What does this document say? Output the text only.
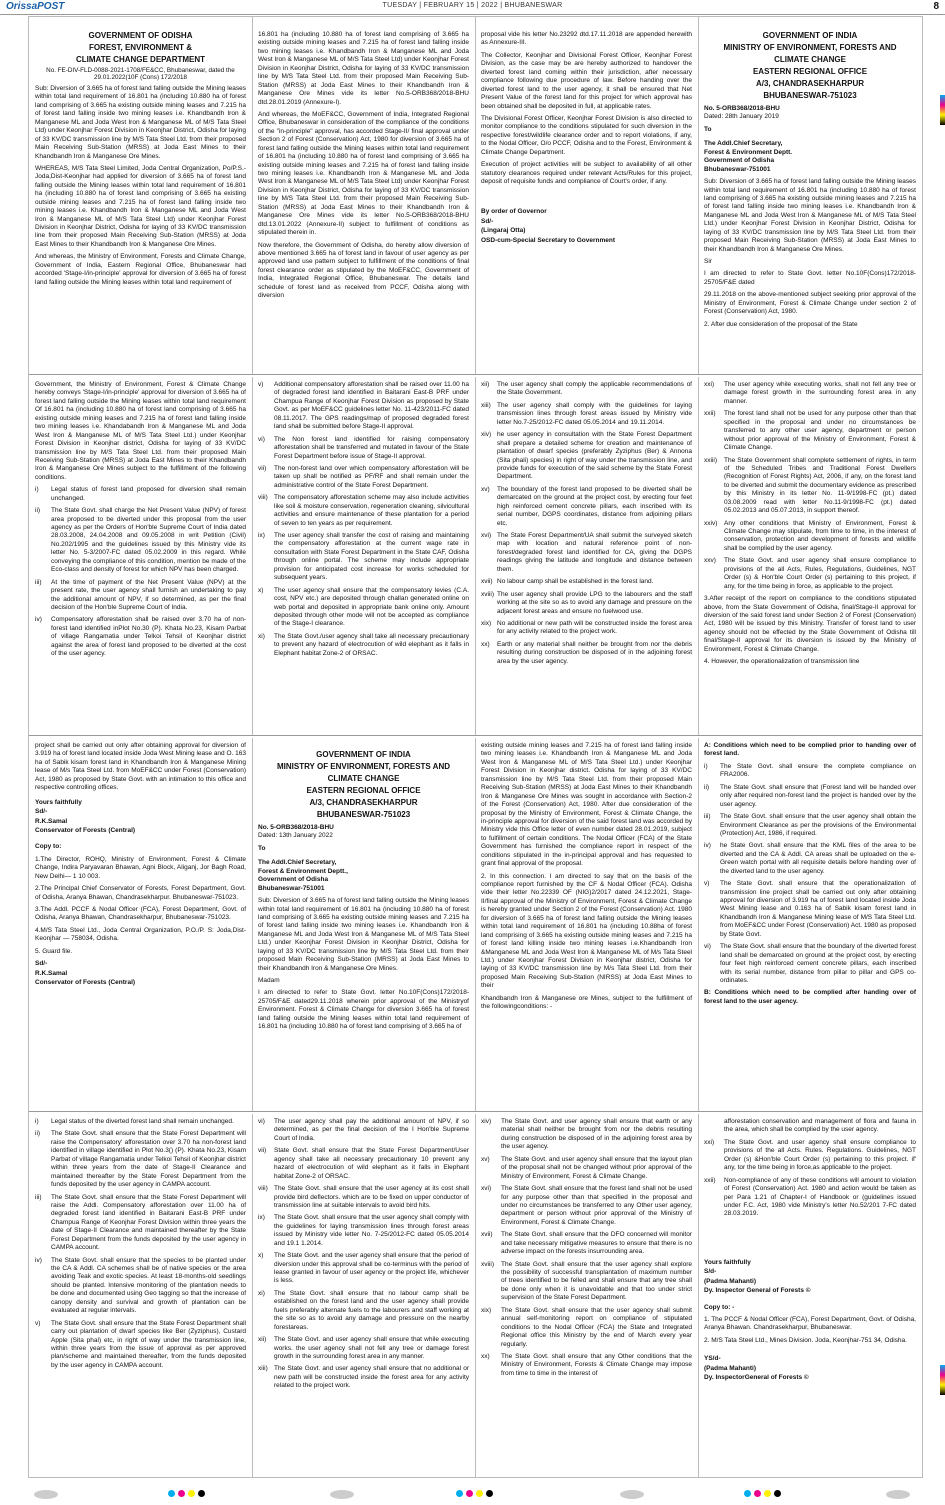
OrissaPOST	TUESDAY | FEBRUARY 15 | 2022 | BHUBANESWAR	8
GOVERNMENT OF ODISHA
FOREST, ENVIRONMENT &
CLIMATE CHANGE DEPARTMENT
No. FE-DIV-FLD-0088-2021-1708/FE&CC, Bhubaneswar, dated the 29.01.2022(10F (Cons) 172/2018

Sub: Diversion of 3.665 ha of forest land falling outside the Mining leases within total land requirement of 16.801 ha (including 10.880 ha of forest land comprising of 3.665 ha existing outside mining leases and 7.215 ha of forest land falling inside two mining leases i.e. Khandbandh Iron & Manganese ML and Joda West Iron & Manganese ML of M/S Tata Steel Ltd) under Keonjhar Forest Division in Keonjhar District, Odisha for laying of 33 KV/DC transmission line by M/S Tata Steel Ltd. from their proposed Main Receiving Sub-Station (MRSS) at Joda East Mines to their Khandbandh Iron & Manganese Ore Mines.

WHEREAS, M/S Tata Steel Limited, Joda Central Organization, Po/P.S.-Joda,Dist-Keonjhar had applied for diversion of 3.665 ha of forest land falling outside the Mining leases within total land requirement of 16.801 ha (including 10.880 ha of forest land comprising of 3.665 ha existing outside mining leases and 7.215 ha of forest land falling inside two mining leases i.e. Khandbandh Iron & Manganese ML and Joda West Iron & Manganese ML of M/S Tata Steel Ltd) under Keonjhar Forest Division in Keonjhar District, Odisha for laying of 33 KV/DC transmission line from their proposed Main Receiving Sub-Station (MRSS) at Joda East Mines to their Khandbandh Iron & Manganese Ore Mines.

And whereas, the Ministry of Environment, Forests and Climate Change, Government of India, Eastern Regional Office, Bhubaneswar had accorded 'Stage-I/in-principle' approval for diversion of 3.665 ha of forest land falling outside the Mining leases within total land requirement of

16.801 ha (including 10.880 ha of forest land comprising of 3.665 ha existing outside mining leases and 7.215 ha of forest land falling inside two mining leases i.e. Khandbandh Iron & Manganese ML and Joda West Iron & Manganese ML of M/S Tata Steel Ltd) under Keonjhar Forest Division in Keonjhar District, Odisha for laying of 33 KV/DC transmission line by M/S Tata Steel Ltd. from their proposed Main Receiving Sub-Station (MRSS) at Joda East Mines to their Khandbandh Iron & Manganese Ore Mines vide its letter No.5-ORB368/2018-BHU dtd.28.01.2019 (Annexure-I).

And whereas, the MoEF&CC, Government of India, Integrated Regional Office, Bhubaneswar in consideration of the compliance of the conditions of the "in-principle" approval, has accorded Stage-II/ final approval under Section 2 of Forest (Conservation) Act, 1980 for diversion of 3.665 ha of forest land falling outside the Mining leases within total land requirement of 16.801 ha (including 10.880 ha of forest land comprising of 3.665 ha existing outside mining leases and 7.215 ha of forest land falling inside two mining leases i.e. Khandbandh Iron & Manganese ML and Joda West Iron & Manganese ML of M/S Tata Steel Ltd) under Keonjhar Forest Division in Keonjhar District, Odisha for laying of 33 KV/DC transmission line by M/S Tata Steel Ltd. from their proposed Main Receiving Sub-Station (MRSS) at Joda East Mines to their Khandbandh Iron & Manganese Ore Mines vide its letter No.5-ORB368/2018-BHU dtd.13.01.2022 (Annexure-II) subject to fulfillment of conditions as stipulated therein in.

Now therefore, the Government of Odisha, do hereby allow diversion of above mentioned 3.665 ha of forest land in favour of user agency as per approved land use pattern subject to fulfillment of the conditions of final forest clearance order as stipulated by the MoEF&CC, Government of India, Integrated Regional Office, Bhubaneswar. The details land schedule of forest land as received from PCCF, Odisha along with diversion

proposal vide his letter No.23292 dtd.17.11.2018 are appended herewith as Annexure-III.

The Collector, Keonjhar and Divisional Forest Officer, Keonjhar Forest Division, as the case may be are hereby authorized to handover the diverted forest land coming within their jurisdiction, after necessary compliance following due procedure of law. Before handing over the diverted forest land to the user agency, it shall be ensured that Net Present Value of the forest land for this project for which approval has been obtained shall be deposited in full, at applicable rates.

The Divisional Forest Officer, Keonjhar Forest Division is also directed to monitor compliance to the conditions stipulated for such diversion in the respective forest/wildlife clearance order and to report violations, if any, to the Nodal Officer, O/o PCCF, Odisha and to the Forest, Environment & Climate Change Department.

Execution of project activities will be subject to availability of all other statutory clearances required under relevant Acts/Rules for this project, deposit of requisite funds and compliance of Court's order, if any.

By order of Governor
Sd/-
(Lingaraj Otta)
OSD-cum-Special Secretary to Government
GOVERNMENT OF INDIA
MINISTRY OF ENVIRONMENT, FORESTS AND
CLIMATE CHANGE
EASTERN REGIONAL OFFICE
A/3, CHANDRASEKHARPUR
BHUBANESWAR-751023
No. 5-ORB368/2018-BHU
Dated: 28th January 2019
To
The Addl.Chief Secretary,
Forest & Environment Deptt.
Government of Odisha
Bhubaneswar-751001

Sub: Diversion of 3.665 ha of forest land falling outside the Mining leases within total land requirement of 16.801 ha (including 10.880 ha of forest land comprising of 3.665 ha existing outside mining leases and 7.215 ha of forest land falling inside two mining leases i.e. Khandbandh Iron & Manganese ML and Joda West Iron & Manganese ML of M/S Tata Steel Ltd.) under Keonjhar Forest Division in Keonjhar District, Odisha for laying of 33 KV/DC transmission line by M/S Tata Steel Ltd. from their proposed Main Receiving Sub-Station (MRSS) at Joda East Mines to their Khandbandh Iron & Manganese Ore Mines.

Sir

I am directed to refer to State Govt. letter No.10F(Cons)172/2018-25705/F&E dated

29.11.2018 on the above-mentioned subject seeking prior approval of the Ministry of Environment, Forest & Climate Change under section 2 of Forest (Conservation) Act, 1980.

2. After due consideration of the proposal of the State

Government, the Ministry of Environment, Forest & Climate Change hereby conveys 'Stage-I/in-principle' approval for diversion of 3.665 ha of forest land falling outside the Mining leases within total land requirement Of 16.801 ha (including 10.880 ha of forest land comprising of 3.665 ha existing outside mining leases and 7.215 ha of forest land falling inside two mining leases i.e. Khandabandh Iron & Manganese ML and Joda West Iron & Manganese ML of M/S Tata Steel Ltd.) under Keonjhar Forest Division in Keonjhar district, Odisha for laying of 33 KV/DC transmission line by M/S Tata Steel Ltd. from their proposed Main Receiving Sub-Station (MRSS) at Joda East Mines to their Khandbandh Iron & Manganese Ore Mines subject to the fulfillment of the following conditions.

i)	Legal status of forest land proposed for diversion shall remain unchanged.
ii)	The State Govt. shall charge the Net Present Value (NPV) of forest area proposed to be diverted under this proposal from the user agency as per the Orders of Hon'ble Supreme Court of India dated 28.03.2008, 24.04.2008 and 09.05.2008 in writ Petition (Civil) No.202/1995 and the guidelines issued by this Ministry vide its letter No. 5-3/2007-FC dated 05.02.2009 in this regard. While conveying the compliance of this condition, mention be made of the Eco-class and density of forest for which NPV has been charged.
iii)	At the time of payment of the Net Present Value (NPV) at the present rate, the user agency shall furnish an undertaking to pay the additional amount of NPV, if so determined, as per the final decision of the Hon'ble Supreme Court of India.
iv)	Compensatory afforestation shall be raised over 3.70 ha of non-forest land identified inPlot No.30 (P). Khata No.23, Kisam Parbat of village Rangamatia under Telkoi Tehsil of Keonjhar district against the area of forest land proposed to be diverted at the cost of the user agency.
v)	Additional compensatory afforestation shall be raised over 11.00 ha of degraded forest land identified in Baitarani East-B PRF under Champua Range of Keonjhar Forest Division as proposed by State Govt. as per MoEF&CC guidelines letter No. 11-423/2011-FC dated 08.11.2017. The GPS readings/map of proposed degraded forest land shall be submitted before Stage-II approval.
vi)	The Non forest land identified for raising compensatory afforestation shall be transferred and mutated in favour of the State Forest Department before issue of Stage-II approval.
vii)	The non-forest land over which compensatory afforestation will be taken up shall be notified as PF/RF and shall remain under the administrative control of the State Forest Department.
viii) The compensatory afforestation scheme may also include activities like soil & moisture conservation, regeneration cleaning, silvicultural activities and ensure maintenance of these plantation for a period of seven to ten years as per requirement.
ix)	The user agency shall transfer the cost of raising and maintaining the compensatory afforestation at the current wage rate in consultation with State Forest Department in the State CAF, Odisha through online portal. The scheme may include appropriate provision for anticipated cost increase for works scheduled for subsequent years.
x)	The user agency shall ensure that the compensatory levies (C.A. cost, NPV etc.) are deposited through challan generated online on web portal and deposited in appropriate bank online only. Amount deposited through other mode will not be accepted as compliance of the Stage-I clearance.
xi)	The State Govt./user agency shall take all necessary precautionary to prevent any hazard of electrocution of wild elephant as it falls in Elephant habitat Zone-2 of ORSAC.
xii)	The user agency shall comply the applicable recommendations of the State Government.
xiii) The user agency shall comply with the guidelines for laying transmission lines through forest areas issued by Ministry vide letter No.7-25/2012-FC dated 05.05.2014 and 19.11.2014.
xiv) he user agency in consultation with the State Forest Department shall prepare a detailed scheme for creation and maintenance of plantation of dwarf species (preferably Zyziphus (Ber) & Annona (Sita phali) species) in right of way under the transmission line, and provide funds for execution of the said scheme by the State Forest Department.
xv)	The boundary of the forest land proposed to be diverted shall be demarcated on the ground at the project cost, by erecting four feet high reinforced cement concrete pillars, each inscribed with its serial number, DGPS coordinates, distance from adjoining pillars etc.
xvi) The State Forest Department/UA shall submit the surveyed sketch map with location and natural reference point of non-forest/degraded forest land identified for CA, giving the DGPS readings giving the latitude and longitude and distance between them.
xvii) No labour camp shall be established in the forest land.
xviii) The user agency shall provide LPG to the labourers and the staff working at the site so as to avoid any damage and pressure on the adjacent forest areas and ensure no fuelwood use.
xix) No additional or new path will be constructed inside the forest area for any activity related to the project work.
xx)	Earth or any material shall neither be brought from nor the debris resulting during construction be disposed of in the adjoining forest area by the user agency.
xxi)	The user agency while executing works, shall not fell any tree or damage forest growth in the surrounding forest area in any manner.
xxii)	The forest land shall not be used for any purpose other than that specified in the proposal and under no circumstances be transferred to any other user agency, department or person without prior approval of the Ministry of Environment, Forest & Climate Change.
xxiii)	The State Government shall complete settlement of rights, in term of the Scheduled Tribes and Traditional Forest Dwellers (Recognition of Forest Rights) Act, 2006, if any, on the forest land to be diverted and submit the documentary evidence as prescribed by this Ministry in its letter No. 11-9/1998-FC (pt.) dated 03.08.2009 read with letter No.11-9/1998-FC (pt.) dated 05.02.2013 and 05.07.2013, in support thereof.
xxiv)	Any other conditions that Ministry of Environment, Forest & Climate Change may stipulate, from time to time, in the interest of conservation, protection and development of forests and wildlife shall be complied by the user agency.
xxv)	The State Govt. and user agency shall ensure compliance to provisions of the all Acts, Rules, Regulations, Guidelines, NGT Order (s) & Hon'ble Court Order (s) pertaining to this project, if any, for the time being in force, as applicable to the project.

3.After receipt of the report on compliance to the conditions stipulated above, from the State Government of Odisha, final/Stage-II approval for diversion of the said forest land under Section 2 of Forest (Conservation) Act, 1980 will be issued by this Ministry. Transfer of forest land to user agency should not be effected by the State Government of Odisha till final/Stage-II approval for its diversion is issued by the Ministry of Environment, Forest & Climate Change.

4. However, the operationalization of transmission line

project shall be carried out only after obtaining approval for diversion of 3.919 ha of forest land located inside Joda West Mining lease and O. 163 ha of Sabik kisam forest land in Khandbandh Iron & Manganese Mining lease of M/s Tata Steel Ltd. from MoEF&CC under Forest (Conservation) Act, 1980 as proposed by State Govt. with an intimation to this office and respective controlling offices.

Yours faithfully
Sd/-
R.K.Samal
Conservator of Forests (Central)
Copy to:

1.The Director, ROHQ, Ministry of Environment, Forest & Climate Change, Indira Paryavaran Bhawan, Agni Block, Aliganj, Jor Bagh Road, New Delhi— 1 10 003.

2.The Principal Chief Conservator of Forests, Forest Department, Govt. of Odisha, Aranya Bhawan, Chandrasekharpur. Bhubaneswar-751023.

3.The Addl. PCCF & Nodal Officer (FCA), Forest Department, Govt. of Odisha, Aranya Bhawan, Chandrasekharpur, Bhubaneswar-751023.

4.M/S Tata Steel Ltd., Joda Central Organization, P.O./P. S: Joda,Dist- Keonjhar — 758034, Odisha.

5. Guard file.

Sd/-
R.K.Samal
Conservator of Forests (Central)
GOVERNMENT OF INDIA
MINISTRY OF ENVIRONMENT, FORESTS AND
CLIMATE CHANGE
EASTERN REGIONAL OFFICE
A/3, CHANDRASEKHARPUR
BHUBANESWAR-751023
No. 5-ORB368/2018-BHU
Dated: 13th January 2022
To
The Addl.Chief Secretary,
Forest & Environment Deptt.,
Government of Odisha
Bhubaneswar-751001

Sub: Diversion of 3.665 ha of forest land falling outside the Mining leases within total land requirement of 16.801 ha (including 10.880 ha of forest land comprising of 3.665 ha existing outside mining leases and 7.215 ha of forest land falling inside two mining leases i.e. Khandbandh Iron & Manganese ML and Joda West Iron & Manganese ML of M/S Tata Steel Ltd.) under Keonjhar Forest Division in Keonjhar District, Odisha for laying of 33 KV/DC transmission line by M/S Tata Steel Ltd. from their proposed Main Receiving Sub-Station (MRSS) at Joda East Mines to their Khandbandh Iron & Manganese Ore Mines.

Madam

I am directed to refer to State Govt. letter No.10F(Cons)172/2018-25705/F&E dated29.11.2018 wherein prior approval of the Ministryof Environment. Forest & Climate Change for diversion 3.665 ha of forest land falling outside the Mining leases within total land requirement of 16.801 ha (including 10.880 ha of forest land comprising of 3.665 ha of

existing outside mining leases and 7.215 ha of forest land falling inside two mining leases i.e. Khandbandh Iron & Manganese ML and Joda West Iron & Manganese ML of M/S Tata Steel Ltd.) under Keonjhar Forest Division in Keonjhar district. Odisha for laying of 33 KV/DC transmission line by M/S Tata Steel Ltd. from their proposed Main Receiving Sub-Station (MRSS) at Joda East Mines to their Khandbandh Iron & Manganese Ore Mines was sought in accordance with Section-2 of the Forest (Conservation) Act, 1980. After due consideration of the proposal by the Ministry of Environment, Forest & Climate Change, the in-principle approval for diversion of the said forest land was accorded by Ministry vide this Office letter of even number dated 28.01.2019, subject to fulfillment of certain conditions. The Nodal Officer (FCA) of the State Government has furnished the compliance report in respect of the conditions stipulated in the in-principal approval and has requested to grant final approval of the proposal.

2. In this connection. I am directed to say that on the basis of the compliance report furnished by the CF & Nodal Officer (FCA). Odisha vide their letter No.22339 OF (NIG)2/2017 dated 24.12.2021, Stage-II/final approval of the Ministry of Environment, Forest & Climate Change is hereby granted under Section 2 of the Forest (Conservation) Act. 1980 for diversion of 3.665 ha of forest land falling outside the Mining leases within total land requirement of 16.801 ha (including 10.88ha of forest land comprising of 3.665 ha existing outside mining leases and 7.215 ha of forest land killing inside two mining leases i.e.Khandbandh Iron &Manganese ML and Joda West Iron & Manganese ML of M/s Tata Steel Ltd.) under Keonjhar Forest Division in Keonjhar district, Odisha for laying of 33 KV/DC transmission line by M/s Tata Steel Ltd. from their proposed Main Receiving Sub-Station (NIRSS) at Joda East Mines to their

Khandbandh Iron & Manganese ore Mines, subject to the fulfillment of the followingconditions: -

A: Conditions which need to be complied prior to handing over of forest land.

i)	The State Govt. shall ensure the complete compliance on FRA2006.
ii)	The State Govt. shall ensure that (Forest land will be handed over only after required non-forest land the project is handed over by the user agency.
iii)	The State Govt. shall ensure that the user agency shall obtain the Environment Clearance as per the provisions of the Environmental (Protection) Act, 1986, if required.
iv)	he State Govt. shall ensure that the KML files of the area to be diverted and the CA & Addl. CA areas shall be uploaded on the e-Green watch portal with all requisite details before handing over of the diverted land to the user agency.
v)	The State Govt. shall ensure that the operationalization of transmission line project shall be carried out only after obtaining approval for diversion of 3.919 ha of forest land located inside Joda West Mining lease and 0.163 ha of Sabik kisam forest land in Khandbandh Iron & Manganese Mining lease of M/S Tata Steel Ltd. from MoEF&CC under Forest (Conservation) Act. 1980 as proposed by State Govt.
vi)	The State Govt. shall ensure that the boundary of the diverted forest land shall be demarcated on ground at the project cost, by erecting four feet high reinforced cement concrete pillars, each inscribed with its serial number, distance from pillar to pillar and GPS co-ordinates.

B: Conditions which need to be complied after handing over of forest land to the user agency.

i)	Legal status of the diverted forest land shall remain unchanged.
ii)	The State Govt. shall ensure that the State Forest Department will raise the Compensatory' afforestation over 3.70 ha non-forest land identified in village identified in Plot No.3() (P). Khata No.23, Kisam Parbat of village Rangamatia under Telkoi Tehsil of Keonjhar district within three years from the date of Stage-II Clearance and maintained thereafter by the State Forest Department from the funds deposited by the user agency in CAMPA account.
iii)	The State Govt. shall ensure that the State Forest Department will raise the Addl. Compensatory afforestation over 11.00 ha of degraded forest land identified in Baitarani East-B PRF under Champua Range of Keonjhar Forest Division within three years the date of Stage-II Clearance and maintained thereafter by the State Forest Department from the funds deposited by the user agency in CAMPA account.
iv)	The State Govt. shall ensure that the species to be planted under the CA & Addl. CA schemes shall be of native species or the area avoiding Teak and exotic species. At least 18-months-old seedlings should be planted. Intensive monitoring of the plantation needs to be done and documented using Geo tagging so that the increase of canopy density and survival and growth of plantation can be evaluated at regular intervals.
v)	The State Govt. shall ensure that the State Forest Department shall carry out plantation of dwarf species like Ber (Zyziphus), Custard Apple (Sita phal) etc, in right of way under the transmission line, within three years from the issue of approval as per approved plan/scheme and maintained thereafter, from the funds deposited by the user agency in CAMPA account.
vi)	The user agency shall pay the additional amount of NPV, if so determined, as per the final decision of the I Hon'ble Supreme Court of India.
vii)	State Govt. shall ensure that the State Forest Department/User agency shall take all necessary precautionary 10 prevent any hazard of electrocution of wild elephant as it falls in Elephant habitat Zone-2 of ORSAC.
viii) The State Govt. shall ensure that the user agency at its cost shall provide bird deflectors. which are to be fixed on upper conductor of transmission line at suitable intervals to avoid bird hits.
ix)	The State Govt. shall ensure that the user agency shall comply with the guidelines for laying transmission lines through forest areas issued by Ministry vide letter No. 7-25/2012-FC dated 05.05.2014 and 19.1 1.2014.
x)	The State Govt. and the user agency shall ensure that the period of diversion under this approval shall be co-terminus with the period of lease granted in favour of user agency or the project life, whichever is less.
xi)	The State Govt. shall ensure that no labour camp shall be established on the forest land and the user agency shall provide fuels preferably alternate fuels to the labourers and staff working at the site so as to avoid any damage and pressure on the nearby forestareas.
xii)	The State Govt. and user agency shall ensure that while executing works. the user agency shall not fell any tree or damage forest growth in the surrounding forest area in any manner.
xiii) The State Govt. and user agency shall ensure that no additional or new path will be constructed inside the forest area for any activity related to the project work.
xiv)	The State Govt. and user agency shall ensure that earth or any material shall neither be brought from nor the debris resulting during construction be disposed of in the adjoining forest area by the user agency.
xv)	The State Govt. and user agency shall ensure that the layout plan of the proposal shall not be changed without prior approval of the Ministry of Environment, Forest & Climate Change.
xvi)	The State Govt. shall ensure that the forest land shall not be used for any purpose other than that specified in the proposal and under no circumstances be transferred to any Other user agency, department or person without prior approval of the Ministry of Environment, Forest & Climate Change.
xvii)	The State Govt. shall ensure that the DFO concerned will monitor and take necessary mitigative measures to ensure that there is no adverse impact on the forests insurrounding area.
xviii)	The State Govt. shall ensure that the user agency shall explore the possibility of successful transplantation of maximum number of trees identified to be felled and shall ensure that any tree shall be done only when it is unavoidable and that too under strict supervision of the State Forest Department.
xix)	The State Govt. shall ensure that the user agency shall submit annual self-monitoring report on compliance of stipulated conditions to the Nodal Officer (FCA) the State and Integrated Regional office this Ministry by the end of March every year regularly.
xx)	The State Govt. shall ensure that any Other conditions that the Ministry of Environment, Forests & Climate Change may impose from time to time in the interest of

afforestation conservation and management of flora and fauna in the area, which shall be complied by the user agency.

xxi)	The State Govt. and user agency shall ensure compliance to provisions of the all Acts. Rules. Regulations. Guidelines, NGT Order (s) &Hon'ble Court Order (s) pertaining to this project. if' any, tor the time being in force,as applicable to the project.
xxii)	Non-compliance of any of these conditions will amount to violation of Forest (Conservation) Act. 1980 and action would be taken as per Para 1.21 of Chapter-I of Handbook or (guidelines issued under F.C. Act, 1980 vide Ministry's letter No.52/201 7-FC dated 28.03.2019.
Yours faithfully
S/d-
(Padma Mahanti)
Dy. Inspector General of Forests ©
Copy to: -

1. The PCCF & Nodal Officer (FCA), Forest Department, Govt. of Odisha, Aranya Bhawan. Chandrasekharpur, Bhubaneswar.

2. M/S Tata Steel Ltd., Mines Division. Joda, Keonjhar-751 34, Odisha.

YS/d-
(Padma Mahanti)
Dy. InspectorGeneral of Forests ©
